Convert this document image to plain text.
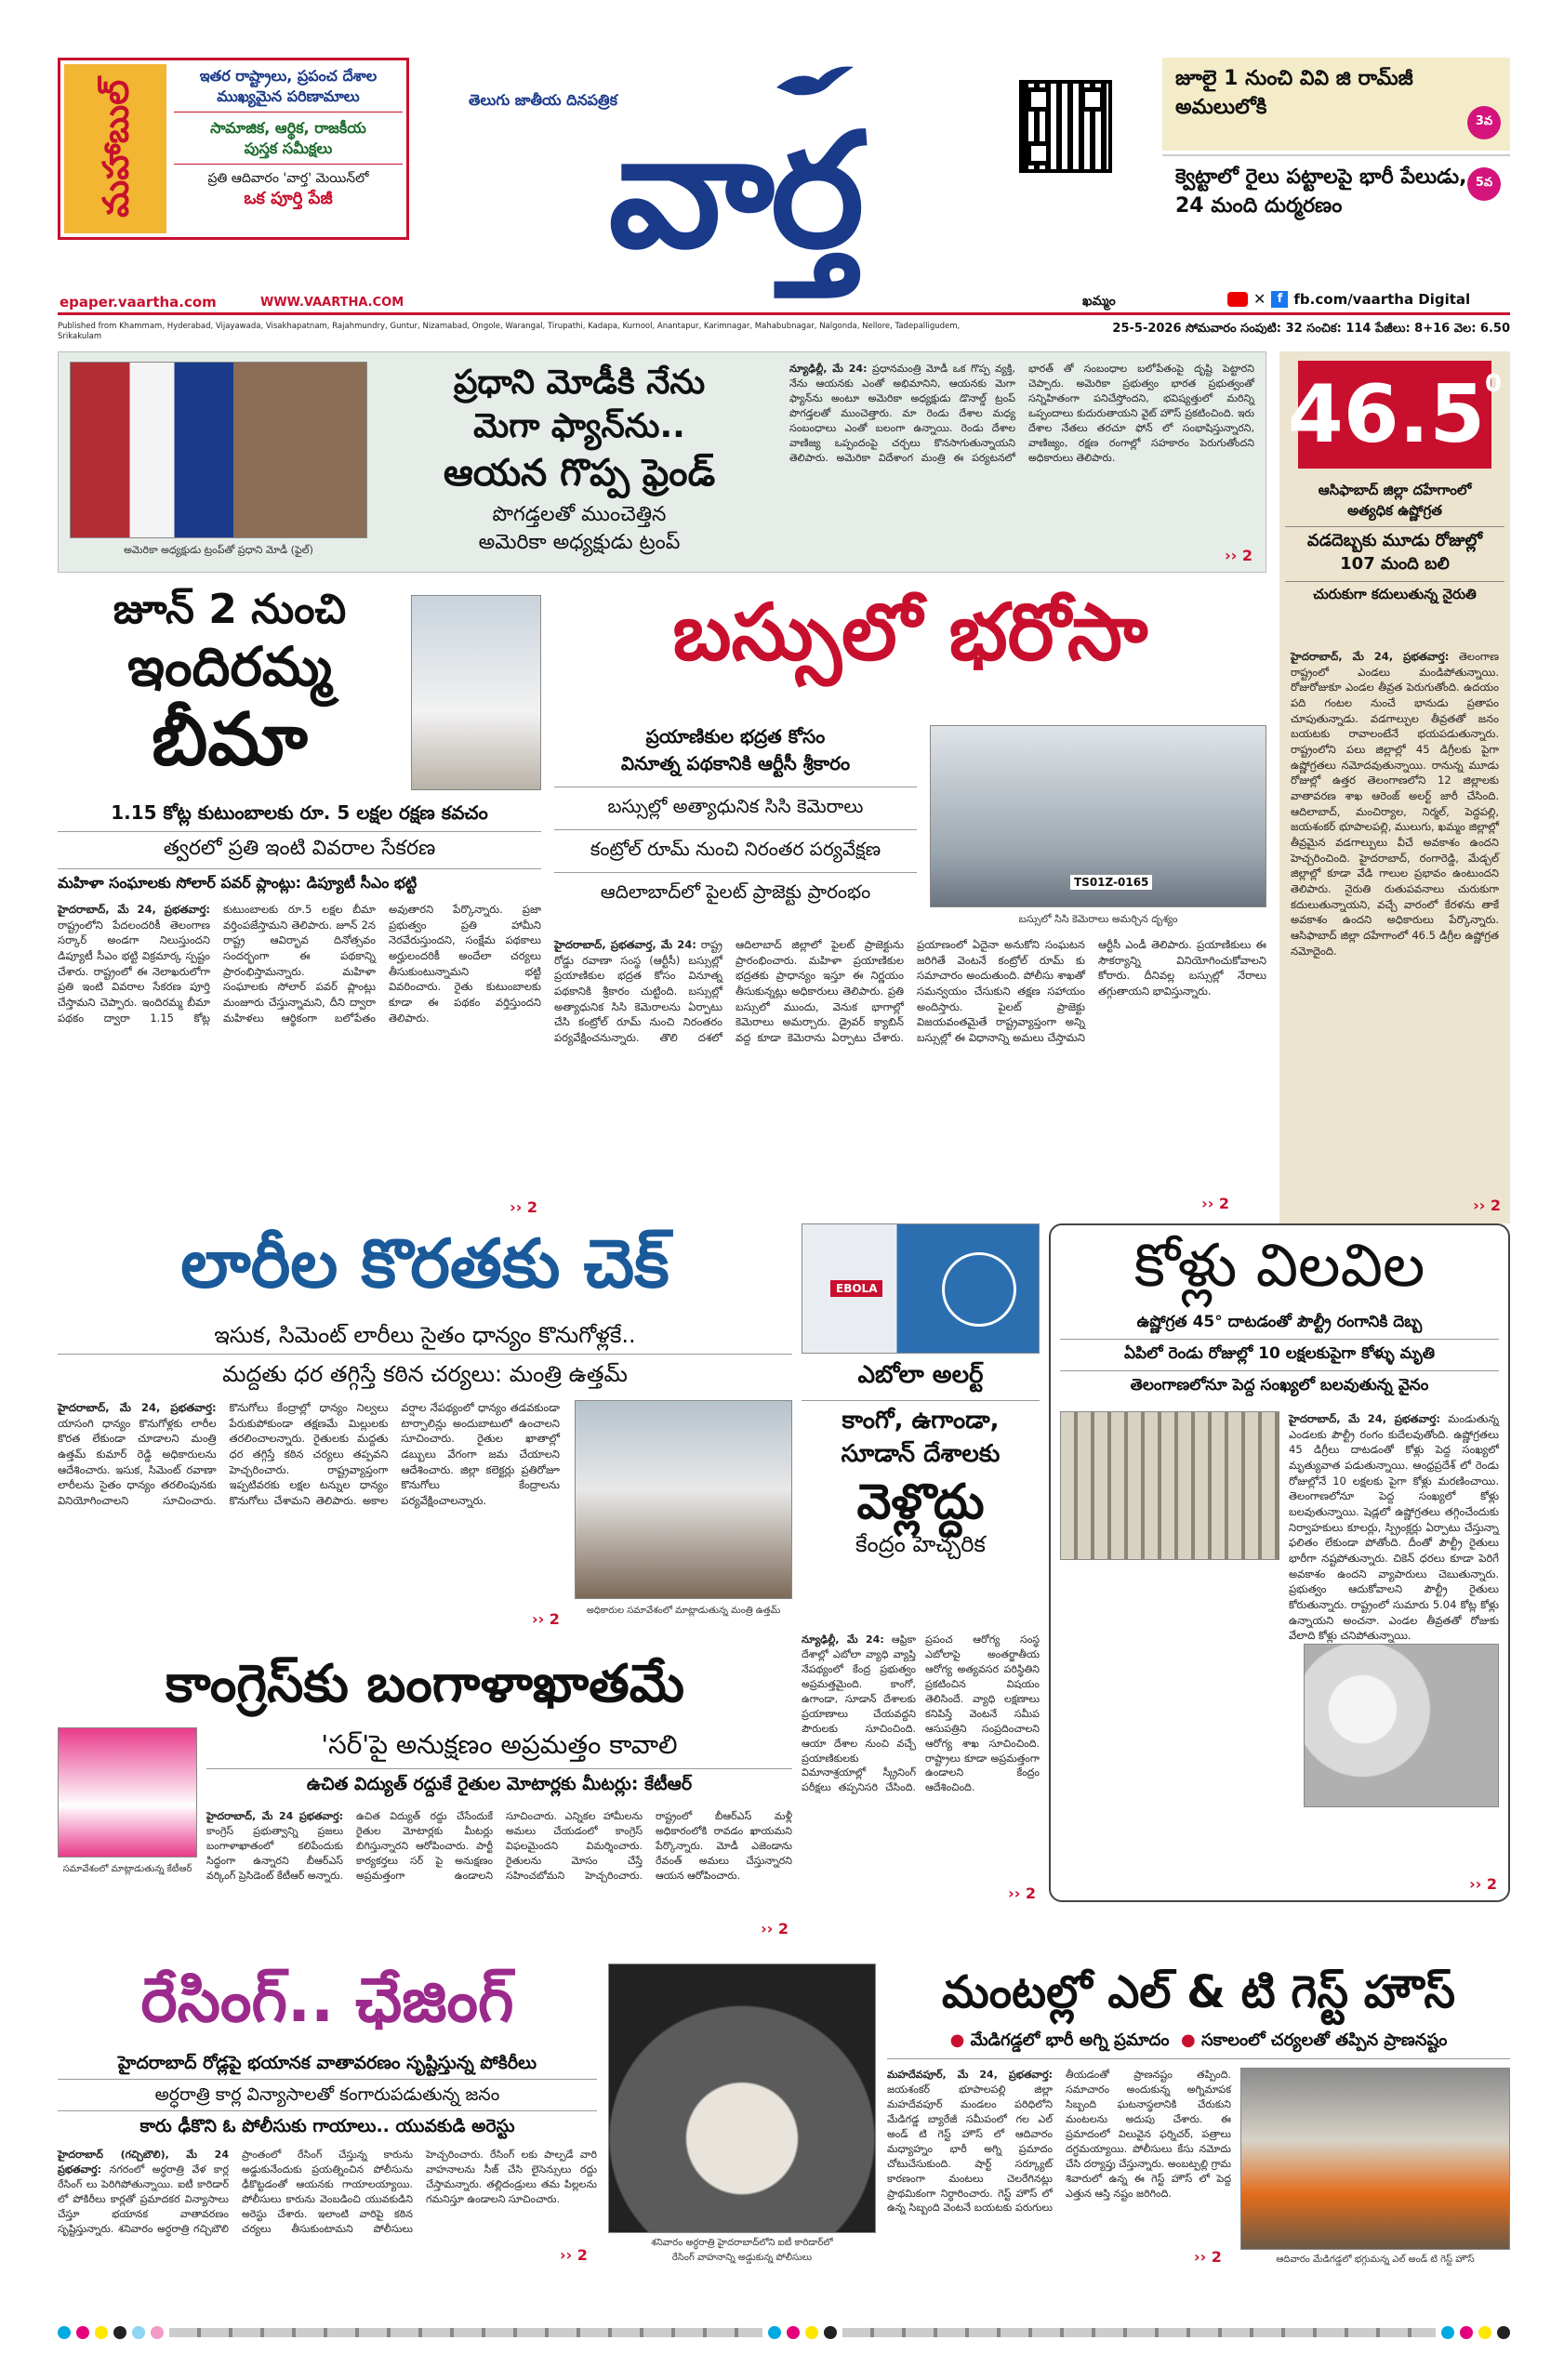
మహాబుల్
ఇతర రాష్ట్రాలు, ప్రపంచ దేశాల
ముఖ్యమైన పరిణామాలు
సామాజిక, ఆర్థిక, రాజకీయ
పుస్తక సమీక్షలు
ప్రతి ఆదివారం 'వార్త' మెయిన్‌లో
ఒక పూర్తి పేజీ
epaper.vaartha.com	WWW.VAARTHA.COM
తెలుగు జాతీయ దినపత్రిక
వార్త
జూలై 1 నుంచి వివి జి రామ్‌జీ అమలులోకి
3వ
క్వెట్టాలో రైలు పట్టాలపై భారీ పేలుడు, 24 మంది దుర్మరణం
5వ
ఖమ్మం	✕ f fb.com/vaartha Digital
Published from Khammam, Hyderabad, Vijayawada, Visakhapatnam, Rajahmundry, Guntur, Nizamabad, Ongole, Warangal, Tirupathi, Kadapa, Kurnool, Anantapur, Karimnagar, Mahabubnagar, Nalgonda, Nellore, Tadepalligudem, Srikakulam
25-5-2026 సోమవారం సంపుటి: 32 సంచిక: 114 పేజీలు: 8+16 వెల: 6.50
అమెరికా అధ్యక్షుడు ట్రంప్‌తో ప్రధాని మోడీ (ఫైల్)
ప్రధాని మోడీకి నేను
మెగా ఫ్యాన్‌ను..
ఆయన గొప్ప ఫ్రెండ్
పొగడ్తలతో ముంచెత్తిన
అమెరికా అధ్యక్షుడు ట్రంప్
న్యూఢిల్లీ, మే 24: ప్రధానమంత్రి మోడీ ఒక గొప్ప వ్యక్తి, నేను ఆయనకు ఎంతో అభిమానిని, ఆయనకు మెగా ఫ్యాన్‌ను అంటూ అమెరికా అధ్యక్షుడు డొనాల్డ్ ట్రంప్ పొగడ్తలతో ముంచెత్తారు. మా రెండు దేశాల మధ్య సంబంధాలు ఎంతో బలంగా ఉన్నాయి. రెండు దేశాల వాణిజ్య ఒప్పందంపై చర్చలు కొనసాగుతున్నాయని తెలిపారు. అమెరికా విదేశాంగ మంత్రి ఈ పర్యటనలో భారత్ తో సంబంధాల బలోపేతంపై దృష్టి పెట్టారని చెప్పారు. అమెరికా ప్రభుత్వం భారత ప్రభుత్వంతో సన్నిహితంగా పనిచేస్తోందని, భవిష్యత్తులో మరిన్ని ఒప్పందాలు కుదురుతాయని వైట్ హౌస్ ప్రకటించింది. ఇరు దేశాల నేతలు తరచూ ఫోన్ లో సంభాషిస్తున్నారని, వాణిజ్యం, రక్షణ రంగాల్లో సహకారం పెరుగుతోందని అధికారులు తెలిపారు.
›› 2
46.5 0
ఆసిఫాబాద్ జిల్లా దహేగాంలో
అత్యధిక ఉష్ణోగ్రత
వడదెబ్బకు మూడు రోజుల్లో
107 మంది బలి
చురుకుగా కదులుతున్న నైరుతి
హైదరాబాద్, మే 24, ప్రభతవార్త: తెలంగాణ రాష్ట్రంలో ఎండలు మండిపోతున్నాయి. రోజురోజుకూ ఎండల తీవ్రత పెరుగుతోంది. ఉదయం పది గంటల నుంచే భానుడు ప్రతాపం చూపుతున్నాడు. వడగాల్పుల తీవ్రతతో జనం బయటకు రావాలంటేనే భయపడుతున్నారు. రాష్ట్రంలోని పలు జిల్లాల్లో 45 డిగ్రీలకు పైగా ఉష్ణోగ్రతలు నమోదవుతున్నాయి. రానున్న మూడు రోజుల్లో ఉత్తర తెలంగాణలోని 12 జిల్లాలకు వాతావరణ శాఖ ఆరెంజ్ అలర్ట్ జారీ చేసింది. ఆదిలాబాద్, మంచిర్యాల, నిర్మల్, పెద్దపల్లి, జయశంకర్ భూపాలపల్లి, ములుగు, ఖమ్మం జిల్లాల్లో తీవ్రమైన వడగాల్పులు వీచే అవకాశం ఉందని హెచ్చరించింది. హైదరాబాద్, రంగారెడ్డి, మేడ్చల్ జిల్లాల్లో కూడా వేడి గాలుల ప్రభావం ఉంటుందని తెలిపారు. నైరుతి రుతుపవనాలు చురుకుగా కదులుతున్నాయని, వచ్చే వారంలో కేరళను తాకే అవకాశం ఉందని అధికారులు పేర్కొన్నారు. ఆసిఫాబాద్ జిల్లా దహేగాంలో 46.5 డిగ్రీల ఉష్ణోగ్రత నమోదైంది.
›› 2
జూన్ 2 నుంచి
ఇందిరమ్మ
బీమా
1.15 కోట్ల కుటుంబాలకు రూ. 5 లక్షల రక్షణ కవచం
త్వరలో ప్రతి ఇంటి వివరాల సేకరణ
మహిళా సంఘాలకు సోలార్ పవర్ ప్లాంట్లు: డిప్యూటీ సీఎం భట్టి
హైదరాబాద్, మే 24, ప్రభతవార్త: రాష్ట్రంలోని పేదలందరికీ తెలంగాణ సర్కార్ అండగా నిలుస్తుందని డిప్యూటీ సీఎం భట్టి విక్రమార్క స్పష్టం చేశారు. రాష్ట్రంలో ఈ నెలాఖరులోగా ప్రతి ఇంటి వివరాల సేకరణ పూర్తి చేస్తామని చెప్పారు. ఇందిరమ్మ బీమా పథకం ద్వారా 1.15 కోట్ల కుటుంబాలకు రూ.5 లక్షల బీమా వర్తింపజేస్తామని తెలిపారు. జూన్ 2న రాష్ట్ర ఆవిర్భావ దినోత్సవం సందర్భంగా ఈ పథకాన్ని ప్రారంభిస్తామన్నారు. మహిళా సంఘాలకు సోలార్ పవర్ ప్లాంట్లు మంజూరు చేస్తున్నామని, దీని ద్వారా మహిళలు ఆర్థికంగా బలోపేతం అవుతారని పేర్కొన్నారు. ప్రజా ప్రభుత్వం ప్రతి హామీని నెరవేరుస్తుందని, సంక్షేమ పథకాలు అర్హులందరికీ అందేలా చర్యలు తీసుకుంటున్నామని భట్టి వివరించారు. రైతు కుటుంబాలకు కూడా ఈ పథకం వర్తిస్తుందని తెలిపారు.
›› 2
బస్సులో భరోసా
ప్రయాణికుల భద్రత కోసం
వినూత్న పథకానికి ఆర్టీసీ శ్రీకారం
బస్సుల్లో అత్యాధునిక సిసి కెమెరాలు
కంట్రోల్ రూమ్ నుంచి నిరంతర పర్యవేక్షణ
ఆదిలాబాద్‌లో పైలట్ ప్రాజెక్టు ప్రారంభం	TS01Z-0165
బస్సులో సిసి కెమెరాలు అమర్చిన దృశ్యం
హైదరాబాద్, ప్రభతవార్త, మే 24: రాష్ట్ర రోడ్డు రవాణా సంస్థ (ఆర్టీసీ) బస్సుల్లో ప్రయాణికుల భద్రత కోసం వినూత్న పథకానికి శ్రీకారం చుట్టింది. బస్సుల్లో అత్యాధునిక సిసి కెమెరాలను ఏర్పాటు చేసి కంట్రోల్ రూమ్ నుంచి నిరంతరం పర్యవేక్షించనున్నారు. తొలి దశలో ఆదిలాబాద్ జిల్లాలో పైలట్ ప్రాజెక్టును ప్రారంభించారు. మహిళా ప్రయాణికుల భద్రతకు ప్రాధాన్యం ఇస్తూ ఈ నిర్ణయం తీసుకున్నట్లు అధికారులు తెలిపారు. ప్రతి బస్సులో ముందు, వెనుక భాగాల్లో కెమెరాలు అమర్చారు. డ్రైవర్ క్యాబిన్ వద్ద కూడా కెమెరాను ఏర్పాటు చేశారు. ప్రయాణంలో ఏదైనా అనుకోని సంఘటన జరిగితే వెంటనే కంట్రోల్ రూమ్ కు సమాచారం అందుతుంది. పోలీసు శాఖతో సమన్వయం చేసుకుని తక్షణ సహాయం అందిస్తారు. పైలట్ ప్రాజెక్టు విజయవంతమైతే రాష్ట్రవ్యాప్తంగా అన్ని బస్సుల్లో ఈ విధానాన్ని అమలు చేస్తామని ఆర్టీసీ ఎండీ తెలిపారు. ప్రయాణికులు ఈ సౌకర్యాన్ని వినియోగించుకోవాలని కోరారు. దీనివల్ల బస్సుల్లో నేరాలు తగ్గుతాయని భావిస్తున్నారు.
›› 2
లారీల కొరతకు చెక్
ఇసుక, సిమెంట్ లారీలు సైతం ధాన్యం కొనుగోళ్లకే..
మద్దతు ధర తగ్గిస్తే కఠిన చర్యలు: మంత్రి ఉత్తమ్
హైదరాబాద్, మే 24, ప్రభతవార్త: యాసంగి ధాన్యం కొనుగోళ్లకు లారీల కొరత లేకుండా చూడాలని మంత్రి ఉత్తమ్ కుమార్ రెడ్డి అధికారులను ఆదేశించారు. ఇసుక, సిమెంట్ రవాణా లారీలను సైతం ధాన్యం తరలింపునకు వినియోగించాలని సూచించారు. కొనుగోలు కేంద్రాల్లో ధాన్యం నిల్వలు పేరుకుపోకుండా తక్షణమే మిల్లులకు తరలించాలన్నారు. రైతులకు మద్దతు ధర తగ్గిస్తే కఠిన చర్యలు తప్పవని హెచ్చరించారు. రాష్ట్రవ్యాప్తంగా ఇప్పటివరకు లక్షల టన్నుల ధాన్యం కొనుగోలు చేశామని తెలిపారు. అకాల వర్షాల నేపథ్యంలో ధాన్యం తడవకుండా టార్పాలిన్లు అందుబాటులో ఉంచాలని సూచించారు. రైతుల ఖాతాల్లో డబ్బులు వేగంగా జమ చేయాలని ఆదేశించారు. జిల్లా కలెక్టర్లు ప్రతిరోజూ కొనుగోలు కేంద్రాలను పర్యవేక్షించాలన్నారు.
›› 2	అధికారుల సమావేశంలో మాట్లాడుతున్న మంత్రి ఉత్తమ్
EBOLA
ఎబోలా అలర్ట్
కాంగో, ఉగాండా,
సూడాన్ దేశాలకు
వెళ్లొద్దు
కేంద్రం హెచ్చరిక
న్యూఢిల్లీ, మే 24: ఆఫ్రికా దేశాల్లో ఎబోలా వ్యాధి వ్యాప్తి నేపథ్యంలో కేంద్ర ప్రభుత్వం అప్రమత్తమైంది. కాంగో, ఉగాండా, సూడాన్ దేశాలకు ప్రయాణాలు చేయవద్దని పౌరులకు సూచించింది. ఆయా దేశాల నుంచి వచ్చే ప్రయాణికులకు విమానాశ్రయాల్లో స్క్రీనింగ్ పరీక్షలు తప్పనిసరి చేసింది. ప్రపంచ ఆరోగ్య సంస్థ ఎబోలాపై అంతర్జాతీయ ఆరోగ్య అత్యవసర పరిస్థితిని ప్రకటించిన విషయం తెలిసిందే. వ్యాధి లక్షణాలు కనిపిస్తే వెంటనే సమీప ఆసుపత్రిని సంప్రదించాలని ఆరోగ్య శాఖ సూచించింది. రాష్ట్రాలు కూడా అప్రమత్తంగా ఉండాలని కేంద్రం ఆదేశించింది.
›› 2
కోళ్లు విలవిల
ఉష్ణోగ్రత 45° దాటడంతో పౌల్ట్రీ రంగానికి దెబ్బ
ఏపిలో రెండు రోజుల్లో 10 లక్షలకుపైగా కోళ్ళు మృతి
తెలంగాణలోనూ పెద్ద సంఖ్యలో బలవుతున్న వైనం
హైదరాబాద్, మే 24, ప్రభతవార్త: మండుతున్న ఎండలకు పౌల్ట్రీ రంగం కుదేలవుతోంది. ఉష్ణోగ్రతలు 45 డిగ్రీలు దాటడంతో కోళ్లు పెద్ద సంఖ్యలో మృత్యువాత పడుతున్నాయి. ఆంధ్రప్రదేశ్ లో రెండు రోజుల్లోనే 10 లక్షలకు పైగా కోళ్లు మరణించాయి. తెలంగాణలోనూ పెద్ద సంఖ్యలో కోళ్లు బలవుతున్నాయి. షెడ్లలో ఉష్ణోగ్రతలు తగ్గించేందుకు నిర్వాహకులు కూలర్లు, స్ప్రింక్లర్లు ఏర్పాటు చేస్తున్నా ఫలితం లేకుండా పోతోంది. దీంతో పౌల్ట్రీ రైతులు భారీగా నష్టపోతున్నారు. చికెన్ ధరలు కూడా పెరిగే అవకాశం ఉందని వ్యాపారులు చెబుతున్నారు. ప్రభుత్వం ఆదుకోవాలని పౌల్ట్రీ రైతులు కోరుతున్నారు. రాష్ట్రంలో సుమారు 5.04 కోట్ల కోళ్లు ఉన్నాయని అంచనా. ఎండల తీవ్రతతో రోజుకు వేలాది కోళ్లు చనిపోతున్నాయి.
›› 2
కాంగ్రెస్‌కు బంగాళాఖాతమే
సమావేశంలో మాట్లాడుతున్న కేటీఆర్
'సర్'పై అనుక్షణం అప్రమత్తం కావాలి
ఉచిత విద్యుత్ రద్దుకే రైతుల మోటార్లకు మీటర్లు: కేటీఆర్
హైదరాబాద్, మే 24 ప్రభతవార్త: కాంగ్రెస్ ప్రభుత్వాన్ని ప్రజలు బంగాళాఖాతంలో కలిపేందుకు సిద్ధంగా ఉన్నారని బీఆర్ఎస్ వర్కింగ్ ప్రెసిడెంట్ కేటీఆర్ అన్నారు. ఉచిత విద్యుత్ రద్దు చేసేందుకే రైతుల మోటార్లకు మీటర్లు బిగిస్తున్నారని ఆరోపించారు. పార్టీ కార్యకర్తలు సర్ పై అనుక్షణం అప్రమత్తంగా ఉండాలని సూచించారు. ఎన్నికల హామీలను అమలు చేయడంలో కాంగ్రెస్ విఫలమైందని విమర్శించారు. రైతులను మోసం చేస్తే సహించబోమని హెచ్చరించారు. రాష్ట్రంలో బీఆర్ఎస్ మళ్లీ అధికారంలోకి రావడం ఖాయమని పేర్కొన్నారు. మోడీ ఎజెండాను రేవంత్ అమలు చేస్తున్నారని ఆయన ఆరోపించారు.
›› 2
రేసింగ్.. ఛేజింగ్
హైదరాబాద్ రోడ్లపై భయానక వాతావరణం సృష్టిస్తున్న పోకిరీలు
అర్ధరాత్రి కార్ల విన్యాసాలతో కంగారుపడుతున్న జనం
కారు ఢీకొని ఓ పోలీసుకు గాయాలు.. యువకుడి అరెస్టు
హైదరాబాద్ (గచ్చిబౌలి), మే 24 ప్రభతవార్త: నగరంలో అర్ధరాత్రి వేళ కార్ల రేసింగ్ లు పెరిగిపోతున్నాయి. ఐటీ కారిడార్ లో పోకిరీలు కార్లతో ప్రమాదకర విన్యాసాలు చేస్తూ భయానక వాతావరణం సృష్టిస్తున్నారు. శనివారం అర్ధరాత్రి గచ్చిబౌలి ప్రాంతంలో రేసింగ్ చేస్తున్న కారును అడ్డుకునేందుకు ప్రయత్నించిన పోలీసును ఢీకొట్టడంతో ఆయనకు గాయాలయ్యాయి. పోలీసులు కారును వెంబడించి యువకుడిని అరెస్టు చేశారు. ఇలాంటి వారిపై కఠిన చర్యలు తీసుకుంటామని పోలీసులు హెచ్చరించారు. రేసింగ్ లకు పాల్పడే వారి వాహనాలను సీజ్ చేసి లైసెన్సులు రద్దు చేస్తామన్నారు. తల్లిదండ్రులు తమ పిల్లలను గమనిస్తూ ఉండాలని సూచించారు.
›› 2
శనివారం అర్ధరాత్రి హైదరాబాద్‌లోని ఐటీ కారిడార్‌లో
రేసింగ్ వాహనాన్ని అడ్డుకున్న పోలీసులు
మంటల్లో ఎల్ & టి గెస్ట్ హౌస్
● మేడిగడ్డలో భారీ అగ్ని ప్రమాదం  ● సకాలంలో చర్యలతో తప్పిన ప్రాణనష్టం
మహదేవపూర్, మే 24, ప్రభతవార్త: జయశంకర్ భూపాలపల్లి జిల్లా మహదేవపూర్ మండలం పరిధిలోని మేడిగడ్డ బ్యారేజీ సమీపంలో గల ఎల్ అండ్ టి గెస్ట్ హౌస్ లో ఆదివారం మధ్యాహ్నం భారీ అగ్ని ప్రమాదం చోటుచేసుకుంది. షార్ట్ సర్క్యూట్ కారణంగా మంటలు చెలరేగినట్లు ప్రాథమికంగా నిర్ధారించారు. గెస్ట్ హౌస్ లో ఉన్న సిబ్బంది వెంటనే బయటకు పరుగులు తీయడంతో ప్రాణనష్టం తప్పింది. సమాచారం అందుకున్న అగ్నిమాపక సిబ్బంది ఘటనాస్థలానికి చేరుకుని మంటలను అదుపు చేశారు. ఈ ప్రమాదంలో విలువైన ఫర్నిచర్, పత్రాలు దగ్ధమయ్యాయి. పోలీసులు కేసు నమోదు చేసి దర్యాప్తు చేస్తున్నారు. అంబట్పల్లి గ్రామ శివారులో ఉన్న ఈ గెస్ట్ హౌస్ లో పెద్ద ఎత్తున ఆస్తి నష్టం జరిగింది.
›› 2	ఆదివారం మేడిగడ్డలో భగ్గుమన్న ఎల్ అండ్ టి గెస్ట్ హౌస్
